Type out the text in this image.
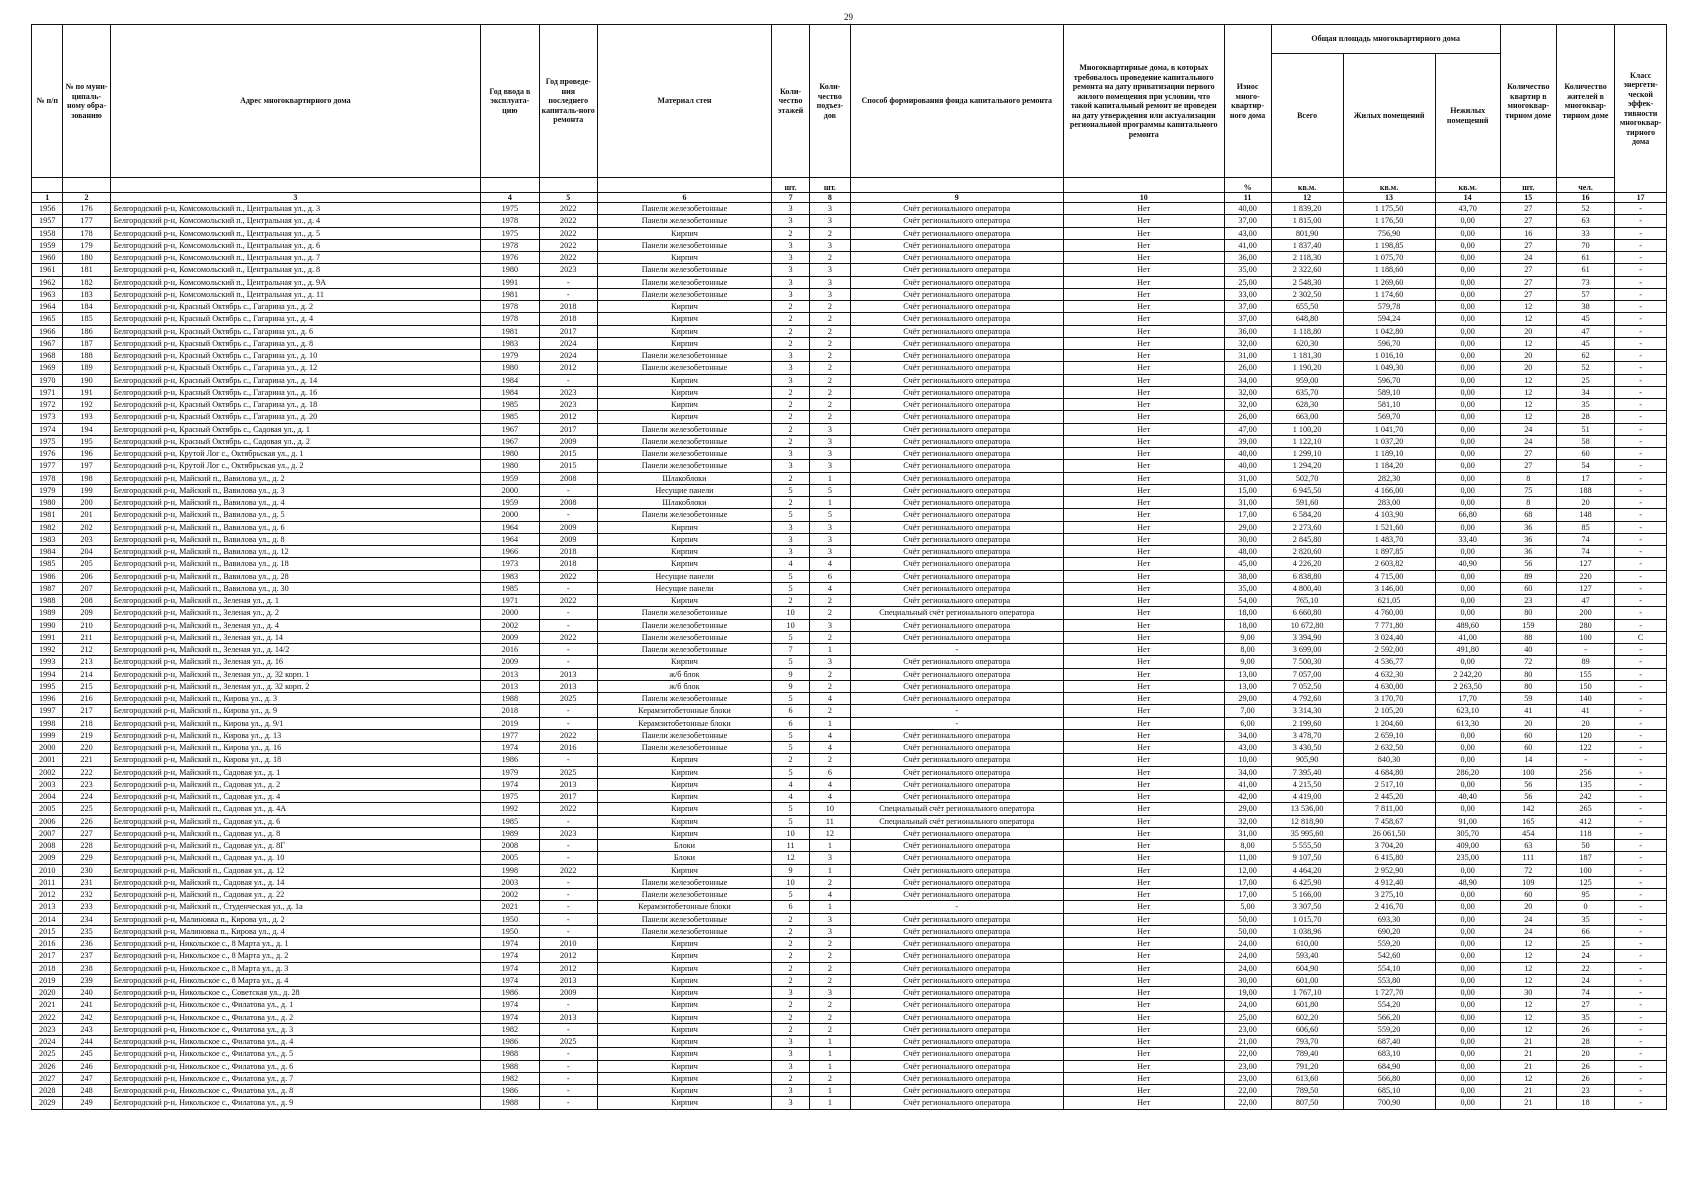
29
№ п/п	№ по муни-ципаль-ному обра-зованию	Адрес многоквартирного дома	Год ввода в эксплуата-цию	Год проведе-ния последнего капиталь-ного ремонта	Материал стен	Коли-чество этажей	Коли-чество подъез-дов	Способ формирования фонда капитального ремонта	Многоквартирные дома, в которых требовалось проведение капитального ремонта на дату приватизации первого жилого помещения при условии, что такой капитальный ремонт не проведен на дату утверждения или актуализации региональной программы капитального ремонта	Износ много-квартир-ного дома	Общая площадь многоквартирного дома			Количество квартир в многоквар-тирном доме	Количество жителей в многоквар-тирном доме	Класс энергети-ческой эффек-тивности многоквар-тирного дома
											Всего	Жилых помещений	Нежилых помещений			
						шт.	шт.			%	кв.м.	кв.м.	кв.м.	шт.	чел.	
1	2	3	4	5	6	7	8	9	10	11	12	13	14	15	16	17
1956	176	Белгородский р-н, Комсомольский п., Центральная ул., д. 3	1975	2022	Панели железобетонные	3	3	Счёт регионального оператора	Нет	40,00	1 839,20	1 175,50	43,70	27	52	-
1957	177	Белгородский р-н, Комсомольский п., Центральная ул., д. 4	1978	2022	Панели железобетонные	3	3	Счёт регионального оператора	Нет	37,00	1 815,00	1 176,50	0,00	27	63	-
1958	178	Белгородский р-н, Комсомольский п., Центральная ул., д. 5	1975	2022	Кирпич	2	2	Счёт регионального оператора	Нет	43,00	801,90	756,90	0,00	16	33	-
1959	179	Белгородский р-н, Комсомольский п., Центральная ул., д. 6	1978	2022	Панели железобетонные	3	3	Счёт регионального оператора	Нет	41,00	1 837,40	1 198,85	0,00	27	70	-
1960	180	Белгородский р-н, Комсомольский п., Центральная ул., д. 7	1976	2022	Кирпич	3	2	Счёт регионального оператора	Нет	36,00	2 118,30	1 075,70	0,00	24	61	-
1961	181	Белгородский р-н, Комсомольский п., Центральная ул., д. 8	1980	2023	Панели железобетонные	3	3	Счёт регионального оператора	Нет	35,00	2 322,60	1 188,60	0,00	27	61	-
1962	182	Белгородский р-н, Комсомольский п., Центральная ул., д. 9А	1991	-	Панели железобетонные	3	3	Счёт регионального оператора	Нет	25,00	2 548,30	1 269,60	0,00	27	73	-
1963	183	Белгородский р-н, Комсомольский п., Центральная ул., д. 11	1981	-	Панели железобетонные	3	3	Счёт регионального оператора	Нет	33,00	2 302,50	1 174,60	0,00	27	57	-
1964	184	Белгородский р-н, Красный Октябрь с., Гагарина ул., д. 2	1978	2018	Кирпич	2	2	Счёт регионального оператора	Нет	37,00	655,50	579,78	0,00	12	38	-
1965	185	Белгородский р-н, Красный Октябрь с., Гагарина ул., д. 4	1978	2018	Кирпич	2	2	Счёт регионального оператора	Нет	37,00	648,80	594,24	0,00	12	45	-
1966	186	Белгородский р-н, Красный Октябрь с., Гагарина ул., д. 6	1981	2017	Кирпич	2	2	Счёт регионального оператора	Нет	36,00	1 118,80	1 042,80	0,00	20	47	-
1967	187	Белгородский р-н, Красный Октябрь с., Гагарина ул., д. 8	1983	2024	Кирпич	2	2	Счёт регионального оператора	Нет	32,00	620,30	596,70	0,00	12	45	-
1968	188	Белгородский р-н, Красный Октябрь с., Гагарина ул., д. 10	1979	2024	Панели железобетонные	3	2	Счёт регионального оператора	Нет	31,00	1 181,30	1 016,10	0,00	20	62	-
1969	189	Белгородский р-н, Красный Октябрь с., Гагарина ул., д. 12	1980	2012	Панели железобетонные	3	2	Счёт регионального оператора	Нет	26,00	1 190,20	1 049,30	0,00	20	52	-
1970	190	Белгородский р-н, Красный Октябрь с., Гагарина ул., д. 14	1984	-	Кирпич	3	2	Счёт регионального оператора	Нет	34,00	959,00	596,70	0,00	12	25	-
1971	191	Белгородский р-н, Красный Октябрь с., Гагарина ул., д. 16	1984	2023	Кирпич	2	2	Счёт регионального оператора	Нет	32,00	635,70	589,10	0,00	12	34	-
1972	192	Белгородский р-н, Красный Октябрь с., Гагарина ул., д. 18	1985	2023	Кирпич	2	2	Счёт регионального оператора	Нет	32,00	628,30	581,10	0,00	12	35	-
1973	193	Белгородский р-н, Красный Октябрь с., Гагарина ул., д. 20	1985	2012	Кирпич	2	2	Счёт регионального оператора	Нет	26,00	663,00	569,70	0,00	12	28	-
1974	194	Белгородский р-н, Красный Октябрь с., Садовая ул., д. 1	1967	2017	Панели железобетонные	2	3	Счёт регионального оператора	Нет	47,00	1 100,20	1 041,70	0,00	24	51	-
1975	195	Белгородский р-н, Красный Октябрь с., Садовая ул., д. 2	1967	2009	Панели железобетонные	2	3	Счёт регионального оператора	Нет	39,00	1 122,10	1 037,20	0,00	24	58	-
1976	196	Белгородский р-н, Крутой Лог с., Октябрьская ул., д. 1	1980	2015	Панели железобетонные	3	3	Счёт регионального оператора	Нет	40,00	1 299,10	1 189,10	0,00	27	60	-
1977	197	Белгородский р-н, Крутой Лог с., Октябрьская ул., д. 2	1980	2015	Панели железобетонные	3	3	Счёт регионального оператора	Нет	40,00	1 294,20	1 184,20	0,00	27	54	-
1978	198	Белгородский р-н, Майский п., Вавилова ул., д. 2	1959	2008	Шлакоблоки	2	1	Счёт регионального оператора	Нет	31,00	502,70	282,30	0,00	8	17	-
1979	199	Белгородский р-н, Майский п., Вавилова ул., д. 3	2000	-	Несущие панели	5	5	Счёт регионального оператора	Нет	15,00	6 945,50	4 166,00	0,00	75	188	-
1980	200	Белгородский р-н, Майский п., Вавилова ул., д. 4	1959	2008	Шлакоблоки	2	1	Счёт регионального оператора	Нет	31,00	591,60	283,00	0,00	8	20	-
1981	201	Белгородский р-н, Майский п., Вавилова ул., д. 5	2000	-	Панели железобетонные	5	5	Счёт регионального оператора	Нет	17,00	6 584,20	4 103,90	66,80	68	148	-
1982	202	Белгородский р-н, Майский п., Вавилова ул., д. 6	1964	2009	Кирпич	3	3	Счёт регионального оператора	Нет	29,00	2 273,60	1 521,60	0,00	36	85	-
1983	203	Белгородский р-н, Майский п., Вавилова ул., д. 8	1964	2009	Кирпич	3	3	Счёт регионального оператора	Нет	30,00	2 845,80	1 483,70	33,40	36	74	-
1984	204	Белгородский р-н, Майский п., Вавилова ул., д. 12	1966	2018	Кирпич	3	3	Счёт регионального оператора	Нет	48,00	2 820,60	1 897,85	0,00	36	74	-
1985	205	Белгородский р-н, Майский п., Вавилова ул., д. 18	1973	2018	Кирпич	4	4	Счёт регионального оператора	Нет	45,00	4 226,20	2 603,82	40,90	56	127	-
1986	206	Белгородский р-н, Майский п., Вавилова ул., д. 28	1983	2022	Несущие панели	5	6	Счёт регионального оператора	Нет	38,00	6 838,80	4 715,00	0,00	89	220	-
1987	207	Белгородский р-н, Майский п., Вавилова ул., д. 30	1985	-	Несущие панели	5	4	Счёт регионального оператора	Нет	35,00	4 800,40	3 146,00	0,00	60	127	-
1988	208	Белгородский р-н, Майский п., Зеленая ул., д. 1	1971	2022	Кирпич	2	2	Счёт регионального оператора	Нет	54,00	765,10	621,05	0,00	23	47	-
1989	209	Белгородский р-н, Майский п., Зеленая ул., д. 2	2000	-	Панели железобетонные	10	2	Специальный счёт регионального оператора	Нет	18,00	6 660,80	4 760,00	0,00	80	200	-
1990	210	Белгородский р-н, Майский п., Зеленая ул., д. 4	2002	-	Панели железобетонные	10	3	Счёт регионального оператора	Нет	18,00	10 672,80	7 771,80	489,60	159	280	-
1991	211	Белгородский р-н, Майский п., Зеленая ул., д. 14	2009	2022	Панели железобетонные	5	2	Счёт регионального оператора	Нет	9,00	3 394,90	3 024,40	41,00	88	100	C
1992	212	Белгородский р-н, Майский п., Зеленая ул., д. 14/2	2016	-	Панели железобетонные	7	1	-	Нет	8,00	3 699,00	2 592,00	491,80	40	-	-
1993	213	Белгородский р-н, Майский п., Зеленая ул., д. 16	2009	-	Кирпич	5	3	Счёт регионального оператора	Нет	9,00	7 500,30	4 536,77	0,00	72	89	-
1994	214	Белгородский р-н, Майский п., Зеленая ул., д. 32 корп. 1	2013	2013	ж/б блок	9	2	Счёт регионального оператора	Нет	13,00	7 057,00	4 632,30	2 242,20	80	155	-
1995	215	Белгородский р-н, Майский п., Зеленая ул., д. 32 корп. 2	2013	2013	ж/б блок	9	2	Счёт регионального оператора	Нет	13,00	7 052,50	4 630,00	2 263,50	80	150	-
1996	216	Белгородский р-н, Майский п., Кирова ул., д. 3	1988	2025	Панели железобетонные	5	4	Счёт регионального оператора	Нет	29,00	4 792,60	3 170,70	17,70	59	140	-
1997	217	Белгородский р-н, Майский п., Кирова ул., д. 9	2018	-	Керамзитобетонные блоки	6	2	-	Нет	7,00	3 314,30	2 105,20	623,10	41	41	-
1998	218	Белгородский р-н, Майский п., Кирова ул., д. 9/1	2019	-	Керамзитобетонные блоки	6	1	-	Нет	6,00	2 199,60	1 204,60	613,30	20	20	-
1999	219	Белгородский р-н, Майский п., Кирова ул., д. 13	1977	2022	Панели железобетонные	5	4	Счёт регионального оператора	Нет	34,00	3 478,70	2 659,10	0,00	60	120	-
2000	220	Белгородский р-н, Майский п., Кирова ул., д. 16	1974	2016	Панели железобетонные	5	4	Счёт регионального оператора	Нет	43,00	3 430,50	2 632,50	0,00	60	122	-
2001	221	Белгородский р-н, Майский п., Кирова ул., д. 18	1986	-	Кирпич	2	2	Счёт регионального оператора	Нет	10,00	905,90	840,30	0,00	14	-	-
2002	222	Белгородский р-н, Майский п., Садовая ул., д. 1	1979	2025	Кирпич	5	6	Счёт регионального оператора	Нет	34,00	7 395,40	4 684,80	286,20	100	256	-
2003	223	Белгородский р-н, Майский п., Садовая ул., д. 2	1974	2013	Кирпич	4	4	Счёт регионального оператора	Нет	41,00	4 215,50	2 517,10	0,00	56	135	-
2004	224	Белгородский р-н, Майский п., Садовая ул., д. 4	1975	2017	Кирпич	4	4	Счёт регионального оператора	Нет	42,00	4 419,00	2 445,20	40,40	56	242	-
2005	225	Белгородский р-н, Майский п., Садовая ул., д. 4А	1992	2022	Кирпич	5	10	Специальный счёт регионального оператора	Нет	29,00	13 536,00	7 811,00	0,00	142	265	-
2006	226	Белгородский р-н, Майский п., Садовая ул., д. 6	1985	-	Кирпич	5	11	Специальный счёт регионального оператора	Нет	32,00	12 818,90	7 458,67	91,00	165	412	-
2007	227	Белгородский р-н, Майский п., Садовая ул., д. 8	1989	2023	Кирпич	10	12	Счёт регионального оператора	Нет	31,00	35 995,60	26 061,50	305,70	454	118	-
2008	228	Белгородский р-н, Майский п., Садовая ул., д. 8Г	2008	-	Блоки	11	1	Счёт регионального оператора	Нет	8,00	5 555,50	3 704,20	409,00	63	50	-
2009	229	Белгородский р-н, Майский п., Садовая ул., д. 10	2005	-	Блоки	12	3	Счёт регионального оператора	Нет	11,00	9 107,50	6 415,80	235,00	111	187	-
2010	230	Белгородский р-н, Майский п., Садовая ул., д. 12	1998	2022	Кирпич	9	1	Счёт регионального оператора	Нет	12,00	4 464,20	2 952,90	0,00	72	100	-
2011	231	Белгородский р-н, Майский п., Садовая ул., д. 14	2003	-	Панели железобетонные	10	2	Счёт регионального оператора	Нет	17,00	6 425,90	4 912,40	48,90	109	125	-
2012	232	Белгородский р-н, Майский п., Садовая ул., д. 22	2002	-	Панели железобетонные	5	4	Счёт регионального оператора	Нет	17,00	5 166,00	3 275,10	0,00	60	95	-
2013	233	Белгородский р-н, Майский п., Студенческая ул., д. 1а	2021	-	Керамзитобетонные блоки	6	1	-	Нет	5,00	3 307,50	2 416,70	0,00	20	0	-
2014	234	Белгородский р-н, Малиновка п., Кирова ул., д. 2	1950	-	Панели железобетонные	2	3	Счёт регионального оператора	Нет	50,00	1 015,70	693,30	0,00	24	35	-
2015	235	Белгородский р-н, Малиновка п., Кирова ул., д. 4	1950	-	Панели железобетонные	2	3	Счёт регионального оператора	Нет	50,00	1 038,96	690,20	0,00	24	66	-
2016	236	Белгородский р-н, Никольское с., 8 Марта ул., д. 1	1974	2010	Кирпич	2	2	Счёт регионального оператора	Нет	24,00	610,00	559,20	0,00	12	25	-
2017	237	Белгородский р-н, Никольское с., 8 Марта ул., д. 2	1974	2012	Кирпич	2	2	Счёт регионального оператора	Нет	24,00	593,40	542,60	0,00	12	24	-
2018	238	Белгородский р-н, Никольское с., 8 Марта ул., д. 3	1974	2012	Кирпич	2	2	Счёт регионального оператора	Нет	24,00	604,90	554,10	0,00	12	22	-
2019	239	Белгородский р-н, Никольское с., 8 Марта ул., д. 4	1974	2013	Кирпич	2	2	Счёт регионального оператора	Нет	30,00	601,00	553,80	0,00	12	24	-
2020	240	Белгородский р-н, Никольское с., Советская ул., д. 28	1986	2009	Кирпич	3	3	Счёт регионального оператора	Нет	19,00	1 767,10	1 727,70	0,00	30	74	-
2021	241	Белгородский р-н, Никольское с., Филатова ул., д. 1	1974	-	Кирпич	2	2	Счёт регионального оператора	Нет	24,00	601,80	554,20	0,00	12	27	-
2022	242	Белгородский р-н, Никольское с., Филатова ул., д. 2	1974	2013	Кирпич	2	2	Счёт регионального оператора	Нет	25,00	602,20	566,20	0,00	12	35	-
2023	243	Белгородский р-н, Никольское с., Филатова ул., д. 3	1982	-	Кирпич	2	2	Счёт регионального оператора	Нет	23,00	606,60	559,20	0,00	12	26	-
2024	244	Белгородский р-н, Никольское с., Филатова ул., д. 4	1986	2025	Кирпич	3	1	Счёт регионального оператора	Нет	21,00	793,70	687,40	0,00	21	28	-
2025	245	Белгородский р-н, Никольское с., Филатова ул., д. 5	1988	-	Кирпич	3	1	Счёт регионального оператора	Нет	22,00	789,40	683,10	0,00	21	20	-
2026	246	Белгородский р-н, Никольское с., Филатова ул., д. 6	1988	-	Кирпич	3	1	Счёт регионального оператора	Нет	23,00	791,20	684,90	0,00	21	26	-
2027	247	Белгородский р-н, Никольское с., Филатова ул., д. 7	1982	-	Кирпич	2	2	Счёт регионального оператора	Нет	23,00	613,60	566,80	0,00	12	26	-
2028	248	Белгородский р-н, Никольское с., Филатова ул., д. 8	1986	-	Кирпич	3	1	Счёт регионального оператора	Нет	22,00	789,50	685,10	0,00	21	23	-
2029	249	Белгородский р-н, Никольское с., Филатова ул., д. 9	1988	-	Кирпич	3	1	Счёт регионального оператора	Нет	22,00	807,50	700,90	0,00	21	18	-
